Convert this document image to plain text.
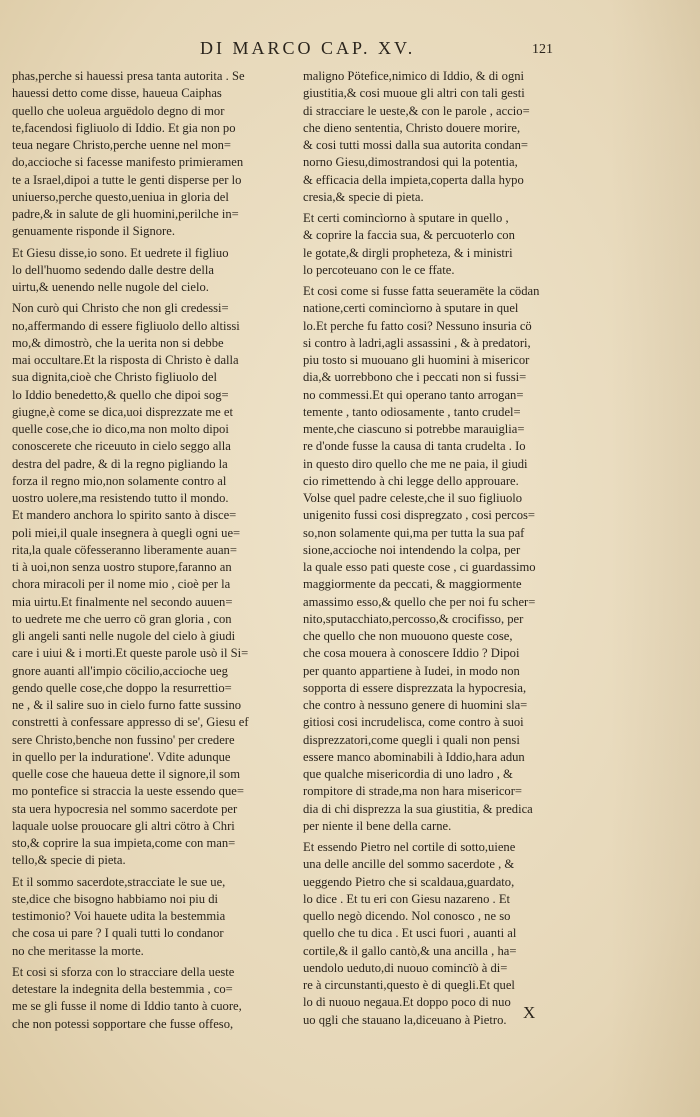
DI MARCO CAP. XV.	121
phas,perche si hauessi presa tanta autorita . Se
hauessi detto come disse, haueua Caiphas
quello che uoleua arguëdolo degno di mor
te,facendosi figliuolo di Iddio. Et gia non po
teua negare Christo,perche uenne nel mon=
do,accioche si facesse manifesto primieramen
te a Israel,dipoi a tutte le genti disperse per lo
uniuerso,perche questo,ueniua in gloria del
padre,& in salute de gli huomini,perilche in=
genuamente risponde il Signore.
Et Giesu disse,io sono. Et uedrete il figliuo
lo dell'huomo sedendo dalle destre della
uirtu,& uenendo nelle nugole del cielo.
Non curò qui Christo che non gli credessi=
no,affermando di essere figliuolo dello altissi
mo,& dimostrò, che la uerita non si debbe
mai occultare.Et la risposta di Christo è dalla
sua dignita,cioè che Christo figliuolo del
lo Iddio benedetto,& quello che dipoi sog=
giugne,è come se dica,uoi disprezzate me et
quelle cose,che io dico,ma non molto dipoi
conoscerete che riceuuto in cielo seggo alla
destra del padre, & di la regno pigliando la
forza il regno mio,non solamente contro al
uostro uolere,ma resistendo tutto il mondo.
Et mandero anchora lo spirito santo à disce=
poli miei,il quale insegnera à quegli ogni ue=
rita,la quale cöfesseranno liberamente auan=
ti à uoi,non senza uostro stupore,faranno an
chora miracoli per il nome mio , cioè per la
mia uirtu.Et finalmente nel secondo auuen=
to uedrete me che uerro cö gran gloria , con
gli angeli santi nelle nugole del cielo à giudi
care i uiui & i morti.Et queste parole usò il Si=
gnore auanti all'impio cöcilio,accioche ueg
gendo quelle cose,che doppo la resurrettio=
ne , & il salire suo in cielo furno fatte sussino
constretti à confessare appresso di se', Giesu ef
sere Christo,benche non fussino' per credere
in quello per la induratione'. Vdite adunque
quelle cose che haueua dette il signore,il som
mo pontefice si straccia la ueste essendo que=
sta uera hypocresia nel sommo sacerdote per
laquale uolse prouocare gli altri cötro à Chri
sto,& coprire la sua impieta,come con man=
tello,& specie di pieta.
Et il sommo sacerdote,stracciate le sue ue,
ste,dice che bisogno habbiamo noi piu di
testimonio? Voi hauete udita la bestemmia
che cosa ui pare ? I quali tutti lo condanor
no che meritasse la morte.
Et cosi si sforza con lo stracciare della ueste
detestare la indegnita della bestemmia , co=
me se gli fusse il nome di Iddio tanto à cuore,
che non potessi sopportare che fusse offeso,
maligno Pötefice,nimico di Iddio, & di ogni
giustitia,& cosi muoue gli altri con tali gesti
di stracciare le ueste,& con le parole , accio=
che dieno sententia, Christo douere morire,
& cosi tutti mossi dalla sua autorita condan=
norno Giesu,dimostrandosi qui la potentia,
& efficacia della impieta,coperta dalla hypo
cresia,& specie di pieta.
Et certi comincìorno à sputare in quello ,
& coprire la faccia sua, & percuoterlo con
le gotate,& dirgli propheteza, & i ministri
lo percoteuano con le ce ffate.
Et cosi come si fusse fatta seueramëte la cödan
natione,certi comincìorno à sputare in quel
lo.Et perche fu fatto cosi? Nessuno insuria cö
si contro à ladri,agli assassini , & à predatori,
piu tosto si muouano gli huomini à misericor
dia,& uorrebbono che i peccati non si fussi=
no commessi.Et qui operano tanto arrogan=
temente , tanto odiosamente , tanto crudel=
mente,che ciascuno si potrebbe marauiglia=
re d'onde fusse la causa di tanta crudelta . Io
in questo diro quello che me ne paia, il giudi
cio rimettendo à chi legge dello approuare.
Volse quel padre celeste,che il suo figliuolo
unigenito fussi cosi dispregzato , cosi percos=
so,non solamente qui,ma per tutta la sua paf
sione,accioche noi intendendo la colpa, per
la quale esso pati queste cose , ci guardassimo
maggiormente da peccati, & maggiormente
amassimo esso,& quello che per noi fu scher=
nito,sputacchiato,percosso,& crocifisso, per
che quello che non muouono queste cose,
che cosa mouera à conoscere Iddio ? Dipoi
per quanto appartiene à Iudei, in modo non
sopporta di essere disprezzata la hypocresia,
che contro à nessuno genere di huomini sla=
gitiosi cosi incrudelisca, come contro à suoi
disprezzatori,come quegli i quali non pensi
essere manco abominabili à Iddio,hara adun
que qualche misericordia di uno ladro , &
rompitore di strade,ma non hara misericor=
dia di chi disprezza la sua giustitia, & predica
per niente il bene della carne.
Et essendo Pietro nel cortile di sotto,uiene
una delle ancille del sommo sacerdote , &
ueggendo Pietro che si scaldaua,guardato,
lo dice . Et tu eri con Giesu nazareno . Et
quello negò dicendo. Nol conosco , ne so
quello che tu dica . Et usci fuori , auanti al
cortile,& il gallo cantò,& una ancilla , ha=
uendolo ueduto,di nuouo comincïò à di=
re à circunstanti,questo è di quegli.Et quel
lo di nuouo negaua.Et doppo poco di nuo
uo qgli che stauano la,diceuano à Pietro. X
